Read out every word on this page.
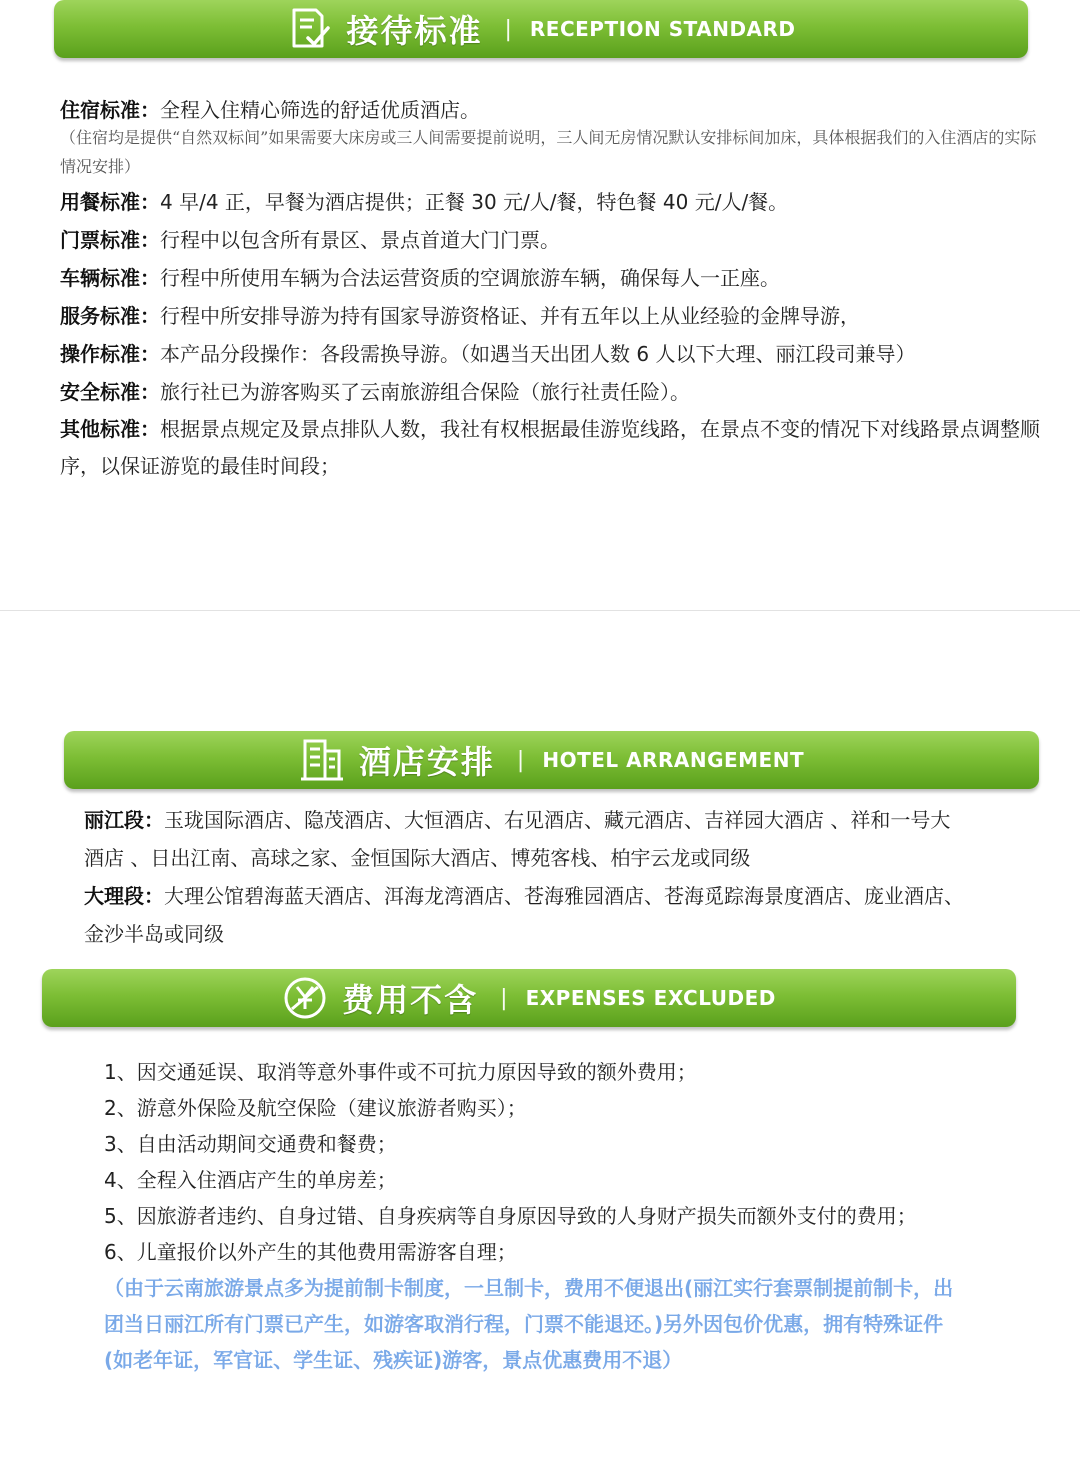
接待标准 | RECEPTION STANDARD
住宿标准：全程入住精心筛选的舒适优质酒店。
（住宿均是提供“自然双标间”如果需要大床房或三人间需要提前说明，三人间无房情况默认安排标间加床，具体根据我们的入住酒店的实际情况安排）
用餐标准：4 早/4 正，早餐为酒店提供；正餐 30 元/人/餐，特色餐 40 元/人/餐。
门票标准：行程中以包含所有景区、景点首道大门门票。
车辆标准：行程中所使用车辆为合法运营资质的空调旅游车辆，确保每人一正座。
服务标准：行程中所安排导游为持有国家导游资格证、并有五年以上从业经验的金牌导游，
操作标准：本产品分段操作：各段需换导游。（如遇当天出团人数 6 人以下大理、丽江段司兼导）
安全标准：旅行社已为游客购买了云南旅游组合保险（旅行社责任险）。
其他标准：根据景点规定及景点排队人数，我社有权根据最佳游览线路，在景点不变的情况下对线路景点调整顺序，以保证游览的最佳时间段；
酒店安排 | HOTEL ARRANGEMENT
丽江段：玉珑国际酒店、隐茂酒店、大恒酒店、右见酒店、藏元酒店、吉祥园大酒店 、祥和一号大酒店 、日出江南、高球之家、金恒国际大酒店、博苑客栈、柏宇云龙或同级
大理段：大理公馆碧海蓝天酒店、洱海龙湾酒店、苍海雅园酒店、苍海觅踪海景度酒店、庞业酒店、金沙半岛或同级
费用不含 | EXPENSES EXCLUDED
1、因交通延误、取消等意外事件或不可抗力原因导致的额外费用；
2、游意外保险及航空保险（建议旅游者购买）；
3、自由活动期间交通费和餐费；
4、全程入住酒店产生的单房差；
5、因旅游者违约、自身过错、自身疾病等自身原因导致的人身财产损失而额外支付的费用；
6、儿童报价以外产生的其他费用需游客自理；
（由于云南旅游景点多为提前制卡制度，一旦制卡，费用不便退出(丽江实行套票制提前制卡，出团当日丽江所有门票已产生，如游客取消行程，门票不能退还。)另外因包价优惠，拥有特殊证件(如老年证，军官证、学生证、残疾证)游客，景点优惠费用不退）
